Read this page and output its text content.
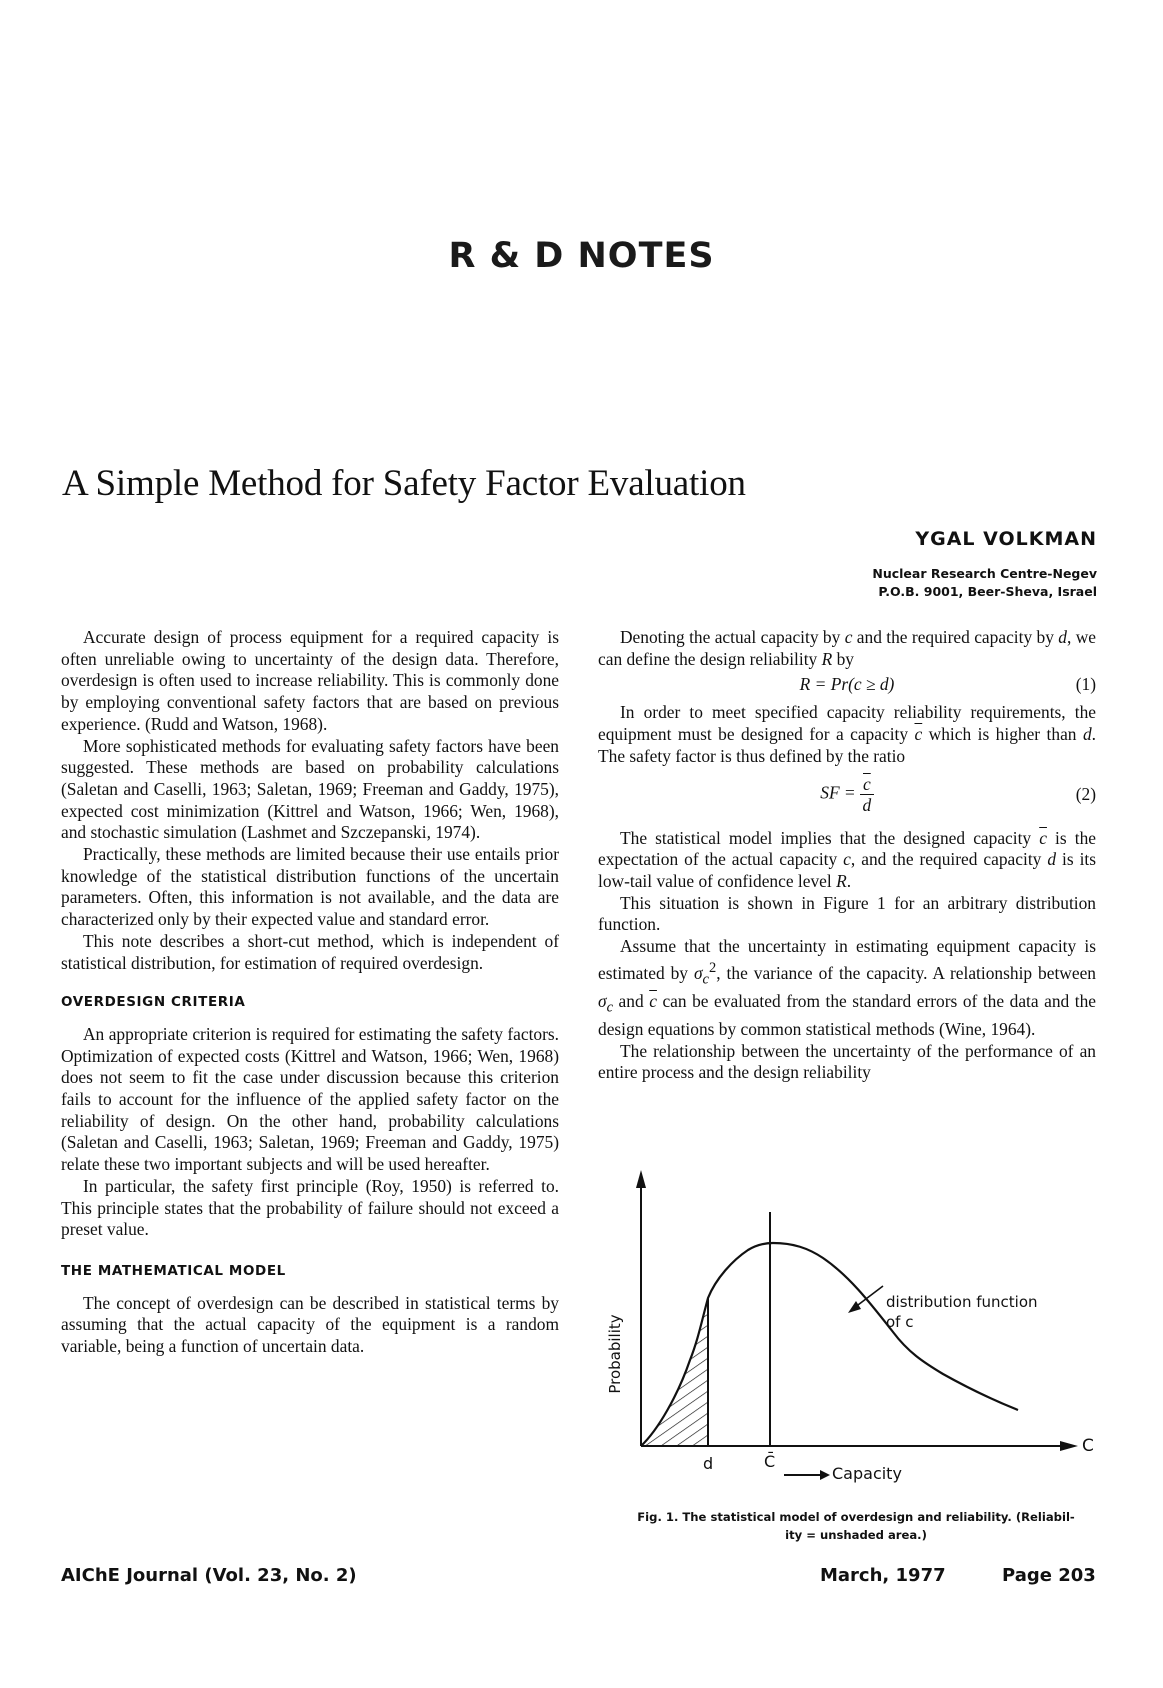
R & D NOTES
A Simple Method for Safety Factor Evaluation
YGAL VOLKMAN
Nuclear Research Centre-Negev
P.O.B. 9001, Beer-Sheva, Israel

Accurate design of process equipment for a required capacity is often unreliable owing to uncertainty of the design data. Therefore, overdesign is often used to increase reliability. This is commonly done by employing conventional safety factors that are based on previous experience. (Rudd and Watson, 1968).

More sophisticated methods for evaluating safety factors have been suggested. These methods are based on probability calculations (Saletan and Caselli, 1963; Saletan, 1969; Freeman and Gaddy, 1975), expected cost minimization (Kittrel and Watson, 1966; Wen, 1968), and stochastic simulation (Lashmet and Szczepanski, 1974).

Practically, these methods are limited because their use entails prior knowledge of the statistical distribution functions of the uncertain parameters. Often, this information is not available, and the data are characterized only by their expected value and standard error.

This note describes a short-cut method, which is independent of statistical distribution, for estimation of required overdesign.

OVERDESIGN CRITERIA

An appropriate criterion is required for estimating the safety factors. Optimization of expected costs (Kittrel and Watson, 1966; Wen, 1968) does not seem to fit the case under discussion because this criterion fails to account for the influence of the applied safety factor on the reliability of design. On the other hand, probability calculations (Saletan and Caselli, 1963; Saletan, 1969; Freeman and Gaddy, 1975) relate these two important subjects and will be used hereafter.

In particular, the safety first principle (Roy, 1950) is referred to. This principle states that the probability of failure should not exceed a preset value.

THE MATHEMATICAL MODEL

The concept of overdesign can be described in statistical terms by assuming that the actual capacity of the equipment is a random variable, being a function of uncertain data.

Denoting the actual capacity by c and the required capacity by d, we can define the design reliability R by

R = Pr(c ≥ d)	(1)

In order to meet specified capacity reliability requirements, the equipment must be designed for a capacity $\overline{c}$ which is higher than d. The safety factor is thus defined by the ratio

SF = $\frac{\overline{c}}{d}$	(2)

The statistical model implies that the designed capacity $\overline{c}$ is the expectation of the actual capacity c, and the required capacity d is its low-tail value of confidence level R.

This situation is shown in Figure 1 for an arbitrary distribution function.

Assume that the uncertainty in estimating equipment capacity is estimated by $\sigma_c^2$, the variance of the capacity. A relationship between $\sigma_c$ and $\overline{c}$ can be evaluated from the standard errors of the data and the design equations by common statistical methods (Wine, 1964).

The relationship between the uncertainty of the performance of an entire process and the design reliability

Probability
distribution function
of c
C
d	C̄
Capacity
Fig. 1. The statistical model of overdesign and reliability. (Reliabil-
ity = unshaded area.)
AIChE Journal (Vol. 23, No. 2)	March, 1977	Page 203
